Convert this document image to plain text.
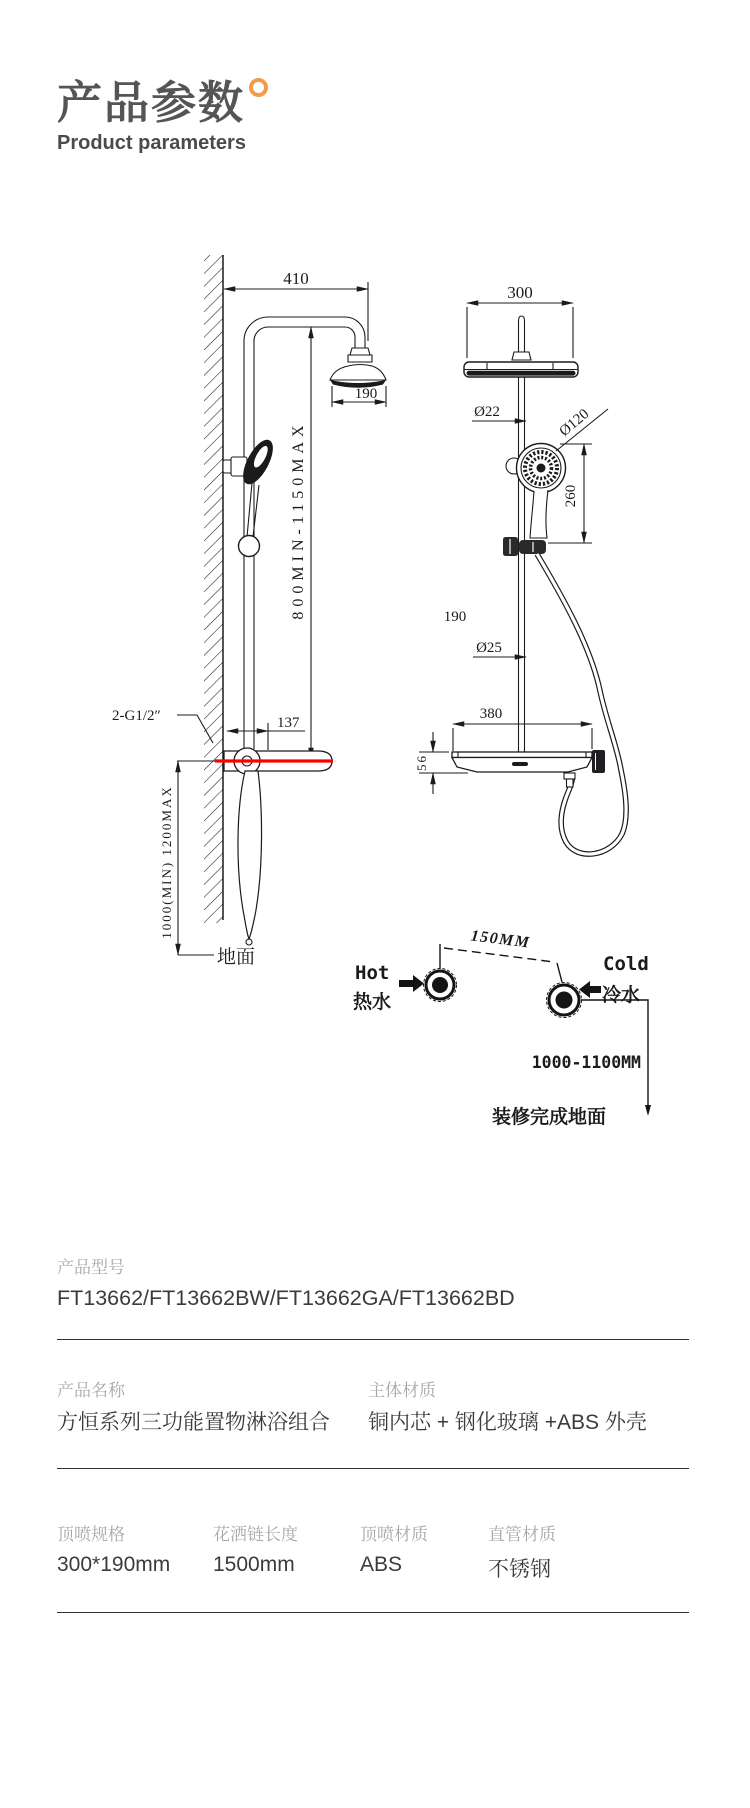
产品参数
Product parameters
410
190
800MIN-1150MAX
2-G1/2″	137
1000(MIN) 1200MAX
地面
300
Ø22	Ø120
260
190
Ø25
380
56
Hot
热水
150MM
Cold
冷水
1000-1100MM
装修完成地面
产品型号
FT13662/FT13662BW/FT13662GA/FT13662BD
产品名称
方恒系列三功能置物淋浴组合
主体材质
铜内芯 + 钢化玻璃 +ABS 外壳
顶喷规格
300*190mm
花洒链长度
1500mm
顶喷材质
ABS
直管材质
不锈钢
